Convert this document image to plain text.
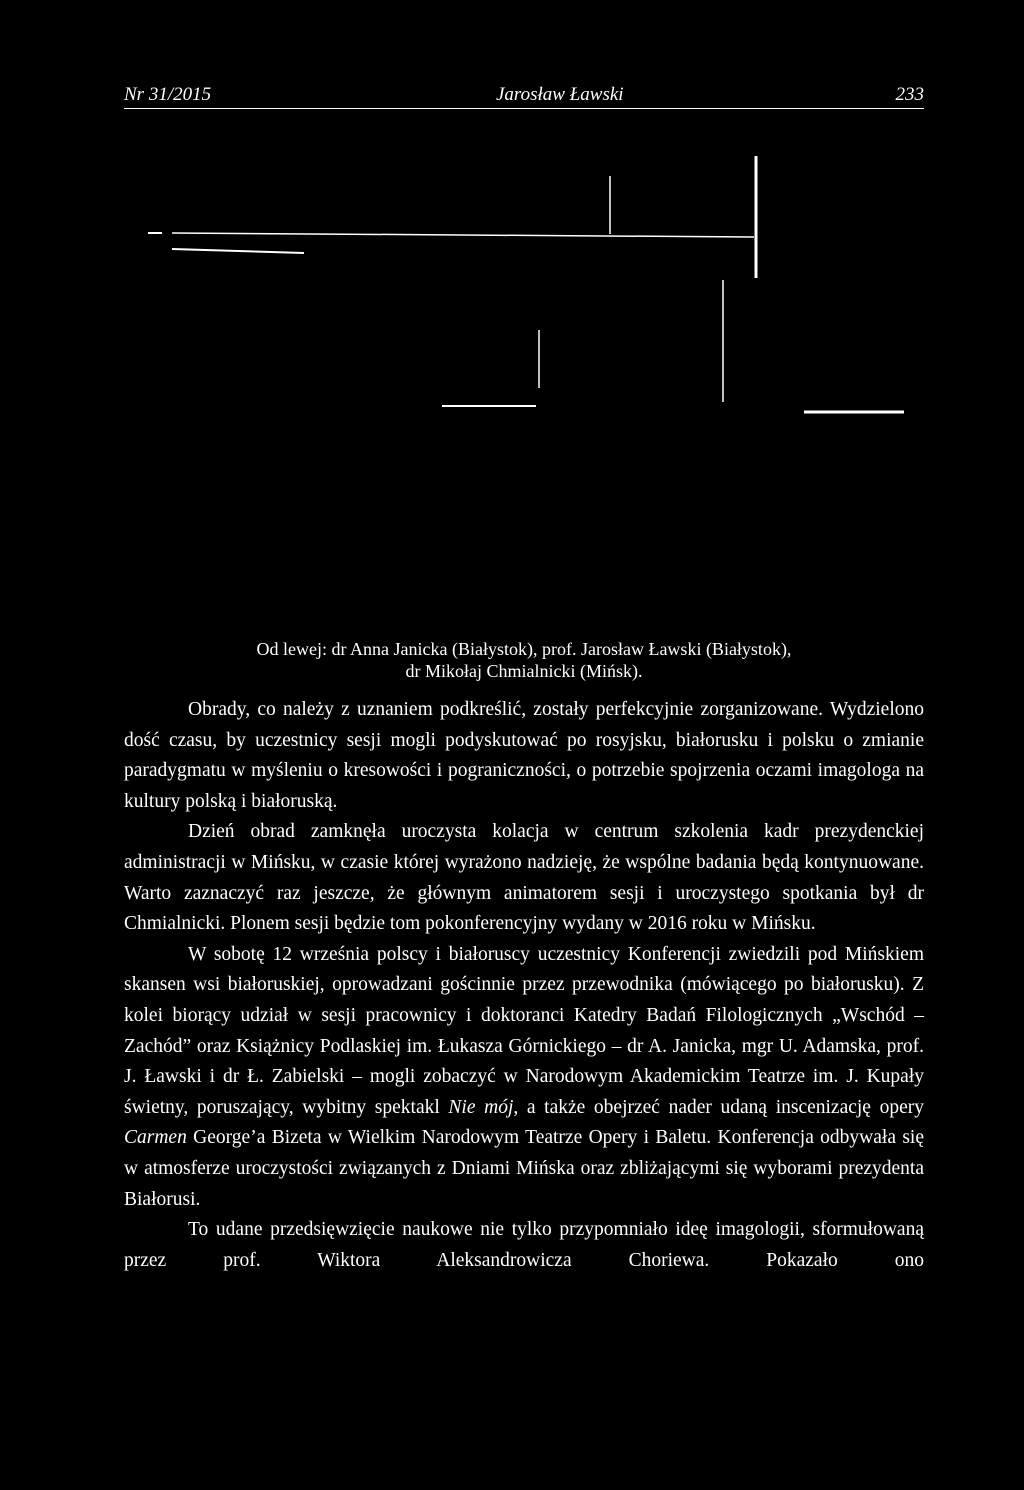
Nr 31/2015	Jarosław Ławski	233
Od lewej: dr Anna Janicka (Białystok), prof. Jarosław Ławski (Białystok),
dr Mikołaj Chmialnicki (Mińsk).

Obrady, co należy z uznaniem podkreślić, zostały perfekcyjnie zorganizowane. Wydzielono dość czasu, by uczestnicy sesji mogli podyskutować po rosyjsku, białorusku i polsku o zmianie paradygmatu w myśleniu o kresowości i pograniczności, o potrzebie spojrzenia oczami imagologa na kultury polską i białoruską.

Dzień obrad zamknęła uroczysta kolacja w centrum szkolenia kadr prezydenckiej administracji w Mińsku, w czasie której wyrażono nadzieję, że wspólne badania będą kontynuowane. Warto zaznaczyć raz jeszcze, że głównym animatorem sesji i uroczystego spotkania był dr Chmialnicki. Plonem sesji będzie tom pokonferencyjny wydany w 2016 roku w Mińsku.

W sobotę 12 września polscy i białoruscy uczestnicy Konferencji zwiedzili pod Mińskiem skansen wsi białoruskiej, oprowadzani gościnnie przez przewodnika (mówiącego po białorusku). Z kolei biorący udział w sesji pracownicy i doktoranci Katedry Badań Filologicznych „Wschód – Zachód” oraz Książnicy Podlaskiej im. Łukasza Górnickiego – dr A. Janicka, mgr U. Adamska, prof. J. Ławski i dr Ł. Zabielski – mogli zobaczyć w Narodowym Akademickim Teatrze im. J. Kupały świetny, poruszający, wybitny spektakl Nie mój, a także obejrzeć nader udaną inscenizację opery Carmen George’a Bizeta w Wielkim Narodowym Teatrze Opery i Baletu. Konferencja odbywała się w atmosferze uroczystości związanych z Dniami Mińska oraz zbliżającymi się wyborami prezydenta Białorusi.

To udane przedsięwzięcie naukowe nie tylko przypomniało ideę imagologii, sformułowaną przez prof. Wiktora Aleksandrowicza Choriewa. Pokazało ono
